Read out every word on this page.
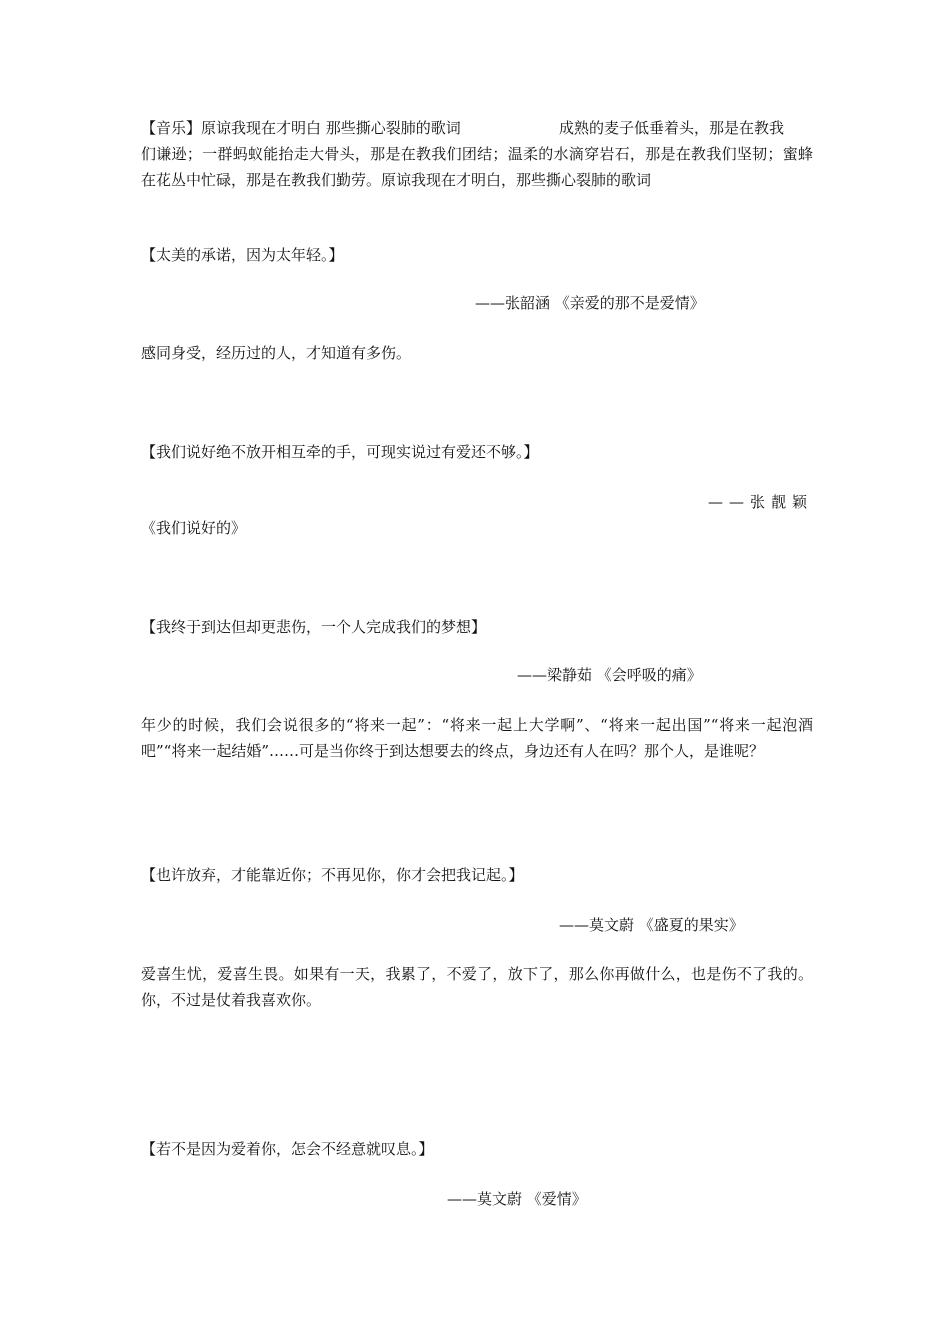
【音乐】原谅我现在才明白 那些撕心裂肺的歌词	成熟的麦子低垂着头，那是在教我
们谦逊；一群蚂蚁能抬走大骨头，那是在教我们团结；温柔的水滴穿岩石，那是在教我们坚韧；蜜蜂在花丛中忙碌，那是在教我们勤劳。原谅我现在才明白，那些撕心裂肺的歌词
【太美的承诺，因为太年轻。】
——张韶涵 《亲爱的那不是爱情》
感同身受，经历过的人，才知道有多伤。
【我们说好绝不放开相互牵的手，可现实说过有爱还不够。】
——张靓颖
《我们说好的》
【我终于到达但却更悲伤，一个人完成我们的梦想】
——梁静茹 《会呼吸的痛》
年少的时候，我们会说很多的“将来一起”：“将来一起上大学啊”、“将来一起出国”“将来一起泡酒吧”“将来一起结婚”……可是当你终于到达想要去的终点，身边还有人在吗？那个人，是谁呢？
【也许放弃，才能靠近你；不再见你，你才会把我记起。】
——莫文蔚 《盛夏的果实》
爱喜生忧，爱喜生畏。如果有一天，我累了，不爱了，放下了，那么你再做什么，也是伤不了我的。你，不过是仗着我喜欢你。
【若不是因为爱着你，怎会不经意就叹息。】
——莫文蔚 《爱情》
